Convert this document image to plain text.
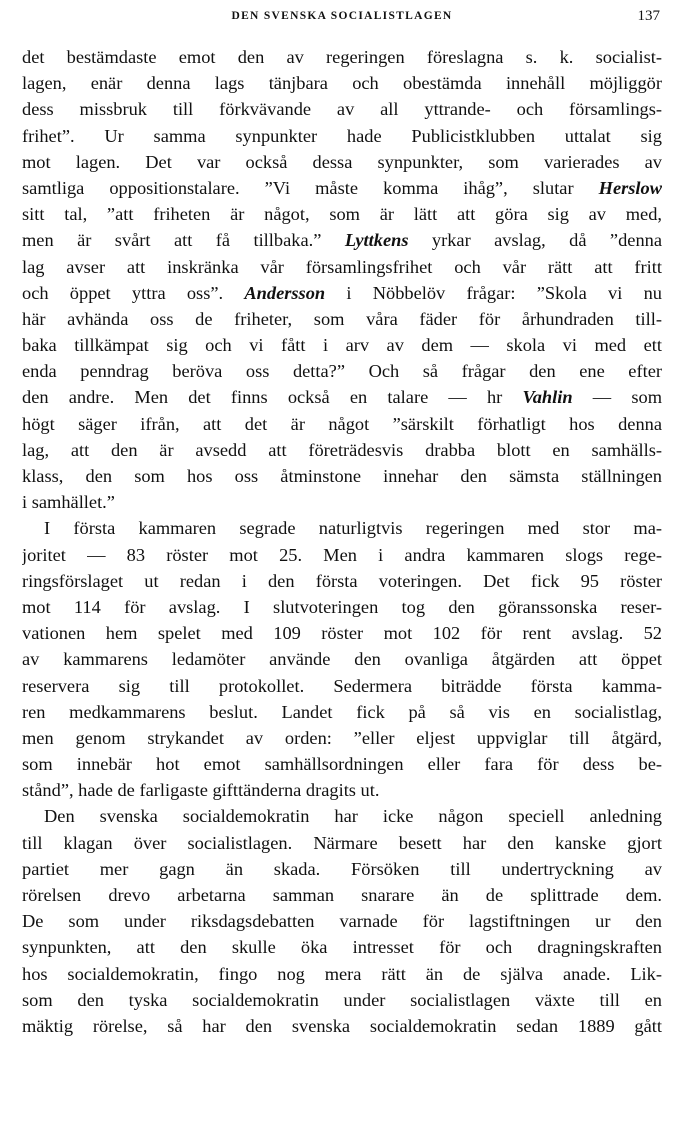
DEN SVENSKA SOCIALISTLAGEN	137
det bestämdaste emot den av regeringen föreslagna s. k. socialist-
lagen, enär denna lags tänjbara och obestämda innehåll möjliggör
dess missbruk till förkvävande av all yttrande- och församlings-
frihet”. Ur samma synpunkter hade Publicistklubben uttalat sig
mot lagen. Det var också dessa synpunkter, som varierades av
samtliga oppositionstalare. ”Vi måste komma ihåg”, slutar Herslow
sitt tal, ”att friheten är något, som är lätt att göra sig av med,
men är svårt att få tillbaka.” Lyttkens yrkar avslag, då ”denna
lag avser att inskränka vår församlingsfrihet och vår rätt att fritt
och öppet yttra oss”. Andersson i Nöbbelöv frågar: ”Skola vi nu
här avhända oss de friheter, som våra fäder för århundraden till-
baka tillkämpat sig och vi fått i arv av dem — skola vi med ett
enda penndrag beröva oss detta?” Och så frågar den ene efter
den andre. Men det finns också en talare — hr Vahlin — som
högt säger ifrån, att det är något ”särskilt förhatligt hos denna
lag, att den är avsedd att företrädesvis drabba blott en samhälls-
klass, den som hos oss åtminstone innehar den sämsta ställningen
i samhället.”
I första kammaren segrade naturligtvis regeringen med stor ma-
joritet — 83 röster mot 25. Men i andra kammaren slogs rege-
ringsförslaget ut redan i den första voteringen. Det fick 95 röster
mot 114 för avslag. I slutvoteringen tog den göranssonska reser-
vationen hem spelet med 109 röster mot 102 för rent avslag. 52
av kammarens ledamöter använde den ovanliga åtgärden att öppet
reservera sig till protokollet. Sedermera biträdde första kamma-
ren medkammarens beslut. Landet fick på så vis en socialistlag,
men genom strykandet av orden: ”eller eljest uppviglar till åtgärd,
som innebär hot emot samhällsordningen eller fara för dess be-
stånd”, hade de farligaste gifttänderna dragits ut.
Den svenska socialdemokratin har icke någon speciell anledning
till klagan över socialistlagen. Närmare besett har den kanske gjort
partiet mer gagn än skada. Försöken till undertryckning av
rörelsen drevo arbetarna samman snarare än de splittrade dem.
De som under riksdagsdebatten varnade för lagstiftningen ur den
synpunkten, att den skulle öka intresset för och dragningskraften
hos socialdemokratin, fingo nog mera rätt än de själva anade. Lik-
som den tyska socialdemokratin under socialistlagen växte till en
mäktig rörelse, så har den svenska socialdemokratin sedan 1889 gått
